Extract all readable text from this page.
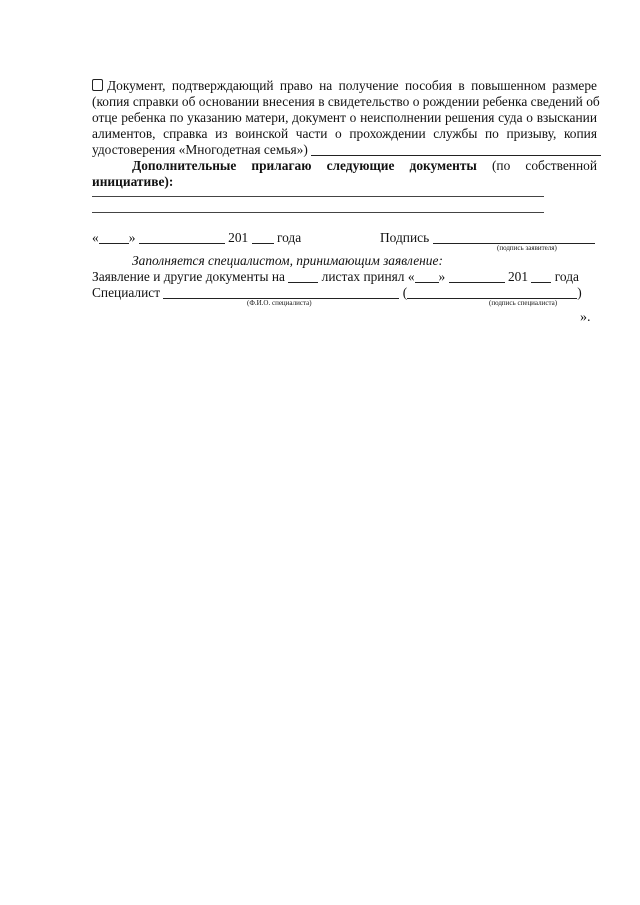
Документ, подтверждающий право на получение пособия в повышенном размере
(копия справки об основании внесения в свидетельство о рождении ребенка сведений об
отце ребенка по указанию матери, документ о неисполнении решения суда о взыскании
алиментов, справка из воинской части о прохождении службы по призыву, копия
удостоверения «Многодетная семья»)
Дополнительные прилагаю следующие документы (по собственной
инициативе):
« »	201 года	Подпись
(подпись заявителя)
Заполняется специалистом, принимающим заявление:
Заявление и другие документы на	листах принял « »	201 года
Специалист	(	)
(Ф.И.О. специалиста)	(подпись специалиста)
».
